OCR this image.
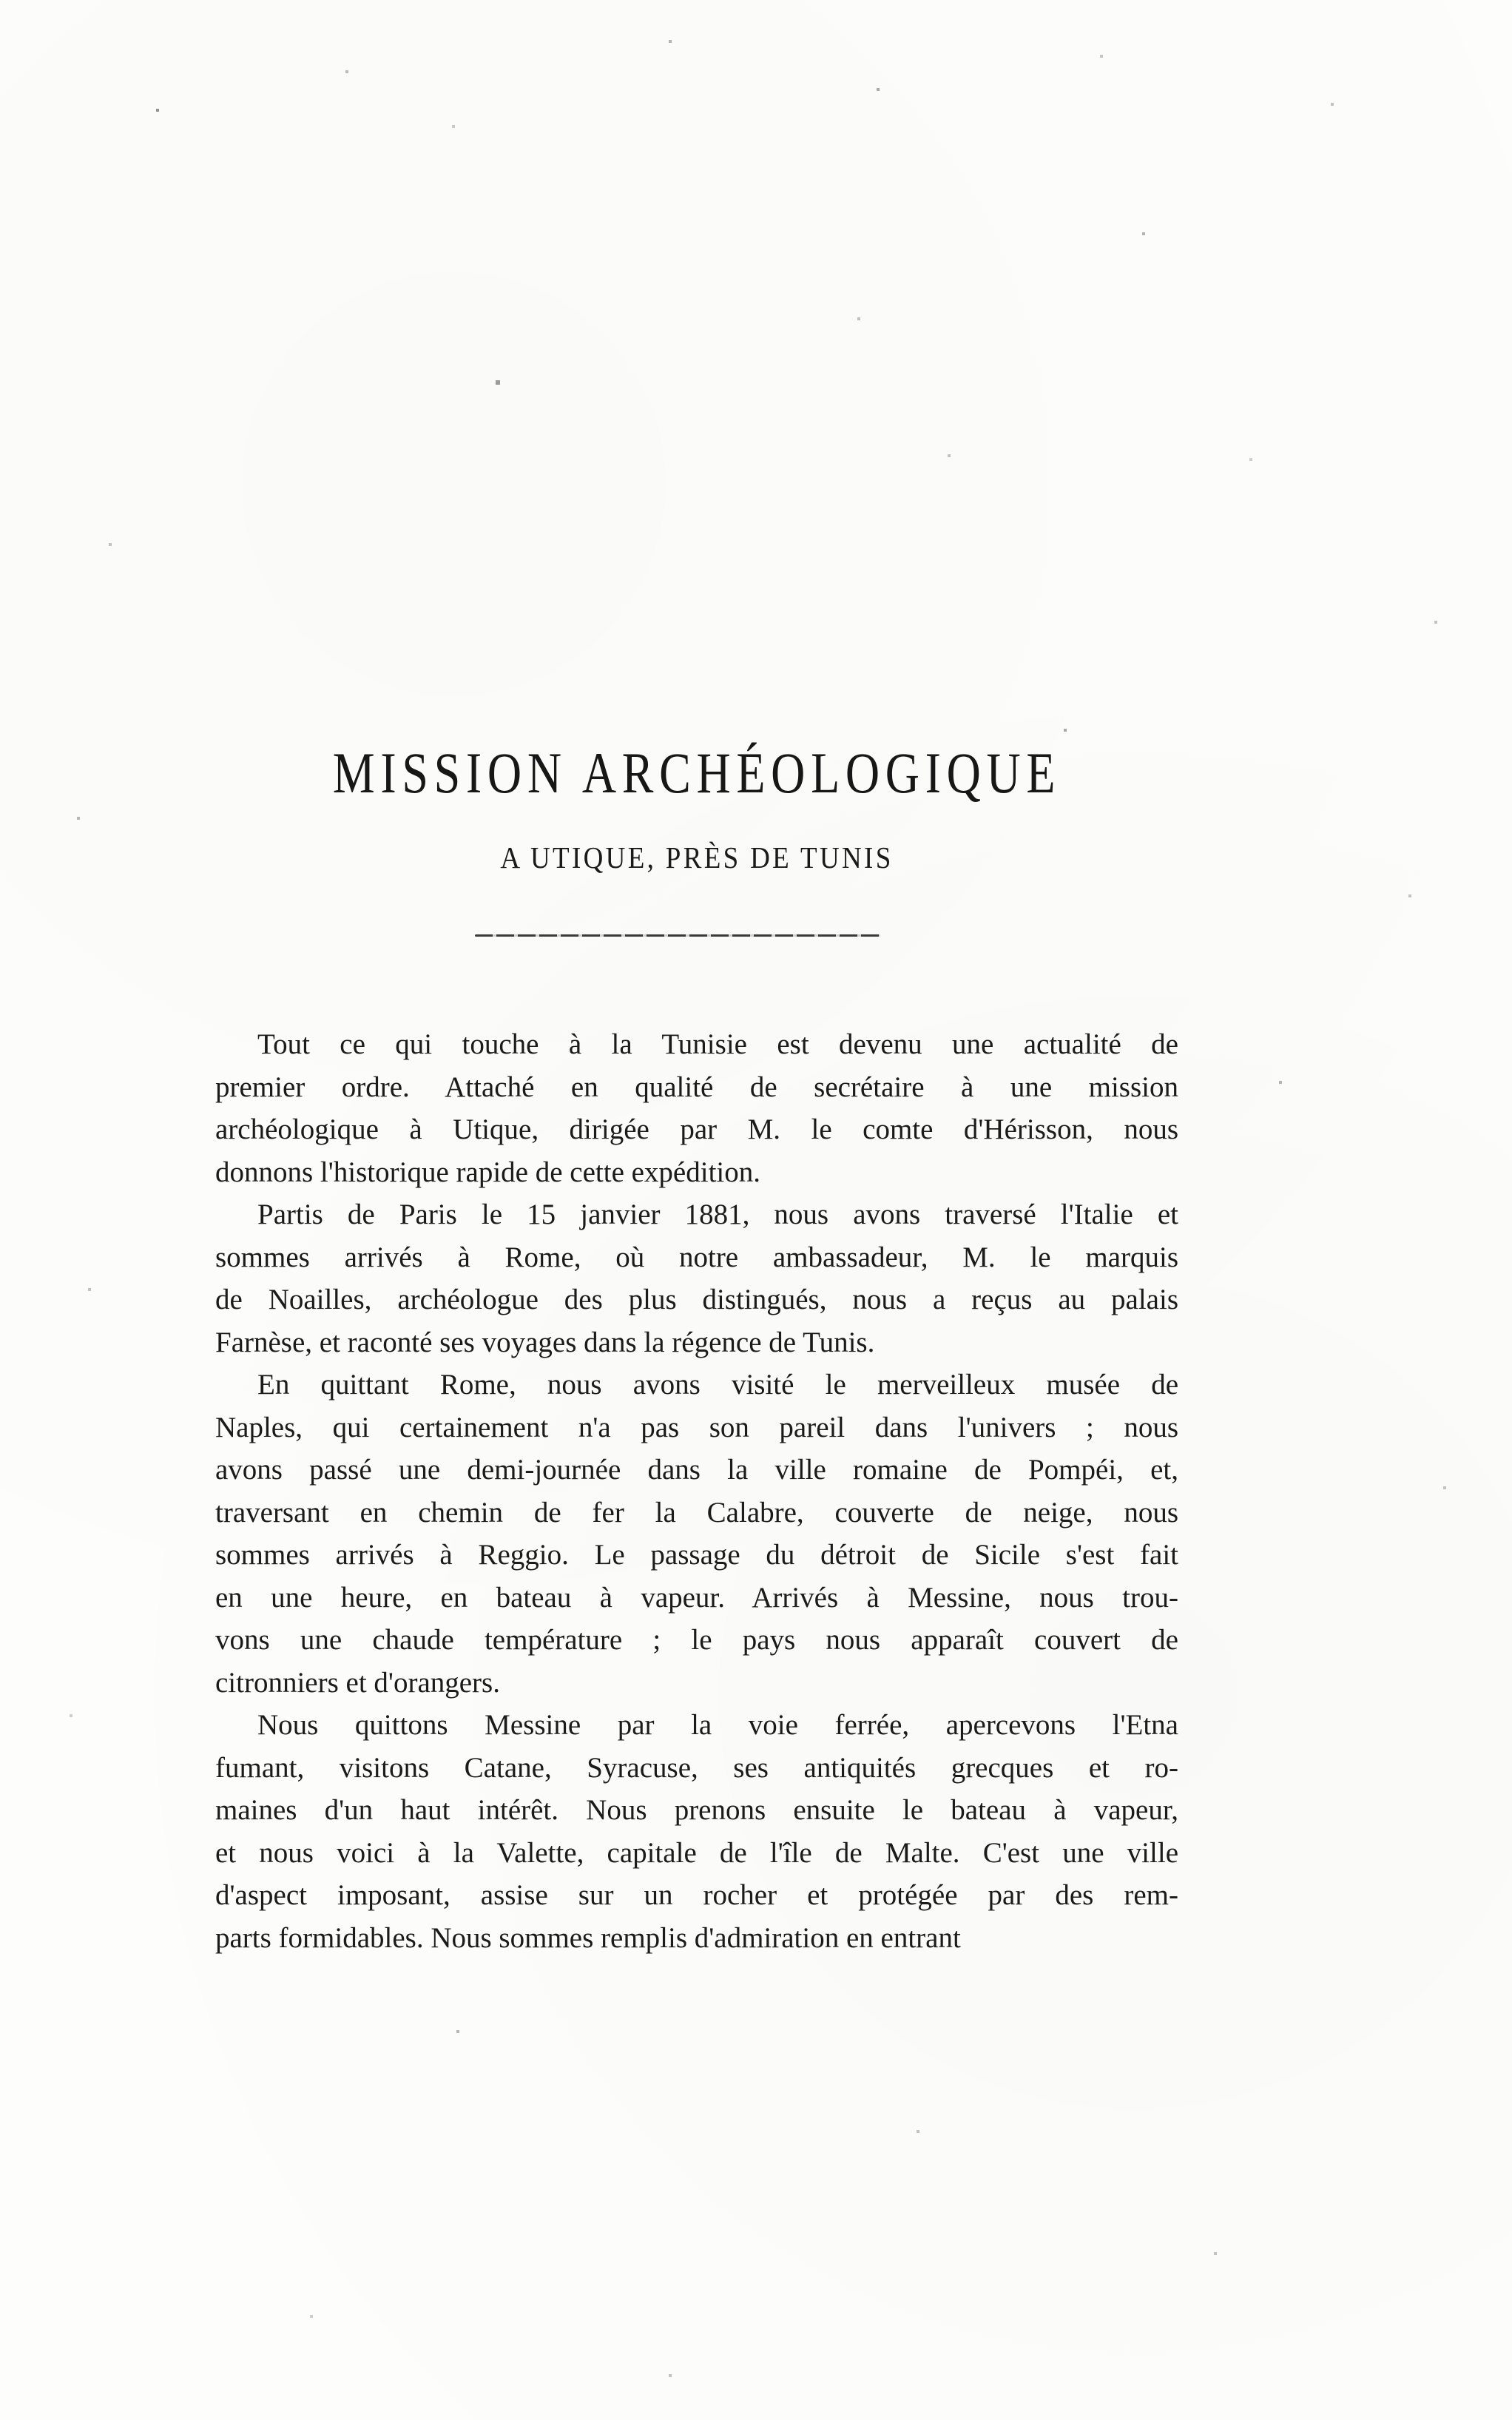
MISSION ARCHÉOLOGIQUE
A UTIQUE, PRÈS DE TUNIS

Tout ce qui touche à la Tunisie est devenu une actualité de
premier ordre. Attaché en qualité de secrétaire à une mission
archéologique à Utique, dirigée par M. le comte d'Hérisson, nous
donnons l'historique rapide de cette expédition.

Partis de Paris le 15 janvier 1881, nous avons traversé l'Italie et
sommes arrivés à Rome, où notre ambassadeur, M. le marquis
de Noailles, archéologue des plus distingués, nous a reçus au palais
Farnèse, et raconté ses voyages dans la régence de Tunis.

En quittant Rome, nous avons visité le merveilleux musée de
Naples, qui certainement n'a pas son pareil dans l'univers ; nous
avons passé une demi-journée dans la ville romaine de Pompéi, et,
traversant en chemin de fer la Calabre, couverte de neige, nous
sommes arrivés à Reggio. Le passage du détroit de Sicile s'est fait
en une heure, en bateau à vapeur. Arrivés à Messine, nous trou-
vons une chaude température ; le pays nous apparaît couvert de
citronniers et d'orangers.

Nous quittons Messine par la voie ferrée, apercevons l'Etna
fumant, visitons Catane, Syracuse, ses antiquités grecques et ro-
maines d'un haut intérêt. Nous prenons ensuite le bateau à vapeur,
et nous voici à la Valette, capitale de l'île de Malte. C'est une ville
d'aspect imposant, assise sur un rocher et protégée par des rem-
parts formidables. Nous sommes remplis d'admiration en entrant
